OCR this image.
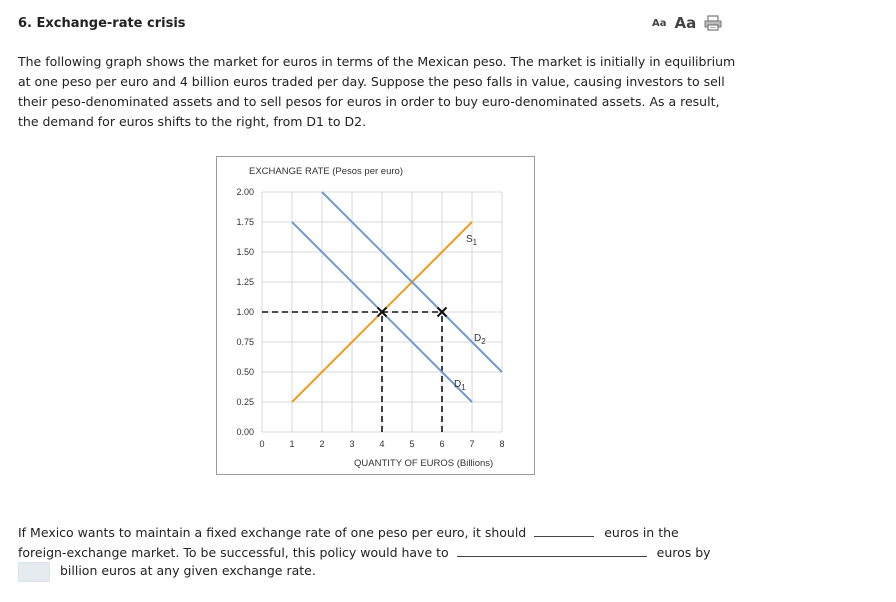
6. Exchange-rate crisis	Aa Aa
The following graph shows the market for euros in terms of the Mexican peso. The market is initially in equilibrium at one peso per euro and 4 billion euros traded per day. Suppose the peso falls in value, causing investors to sell their peso-denominated assets and to sell pesos for euros in order to buy euro-denominated assets. As a result, the demand for euros shifts to the right, from D1 to D2.
EXCHANGE RATE (Pesos per euro)
QUANTITY OF EUROS (Billions)
0	1	2	3	4	5	6	7	8
0.00
0.25
0.50
0.75
1.00
1.25
1.50
1.75
2.00
$S_1$
$D_1$
$D_2$
If Mexico wants to maintain a fixed exchange rate of one peso per euro, it should	euros in the
foreign-exchange market. To be successful, this policy would have to	euros by
billion euros at any given exchange rate.
